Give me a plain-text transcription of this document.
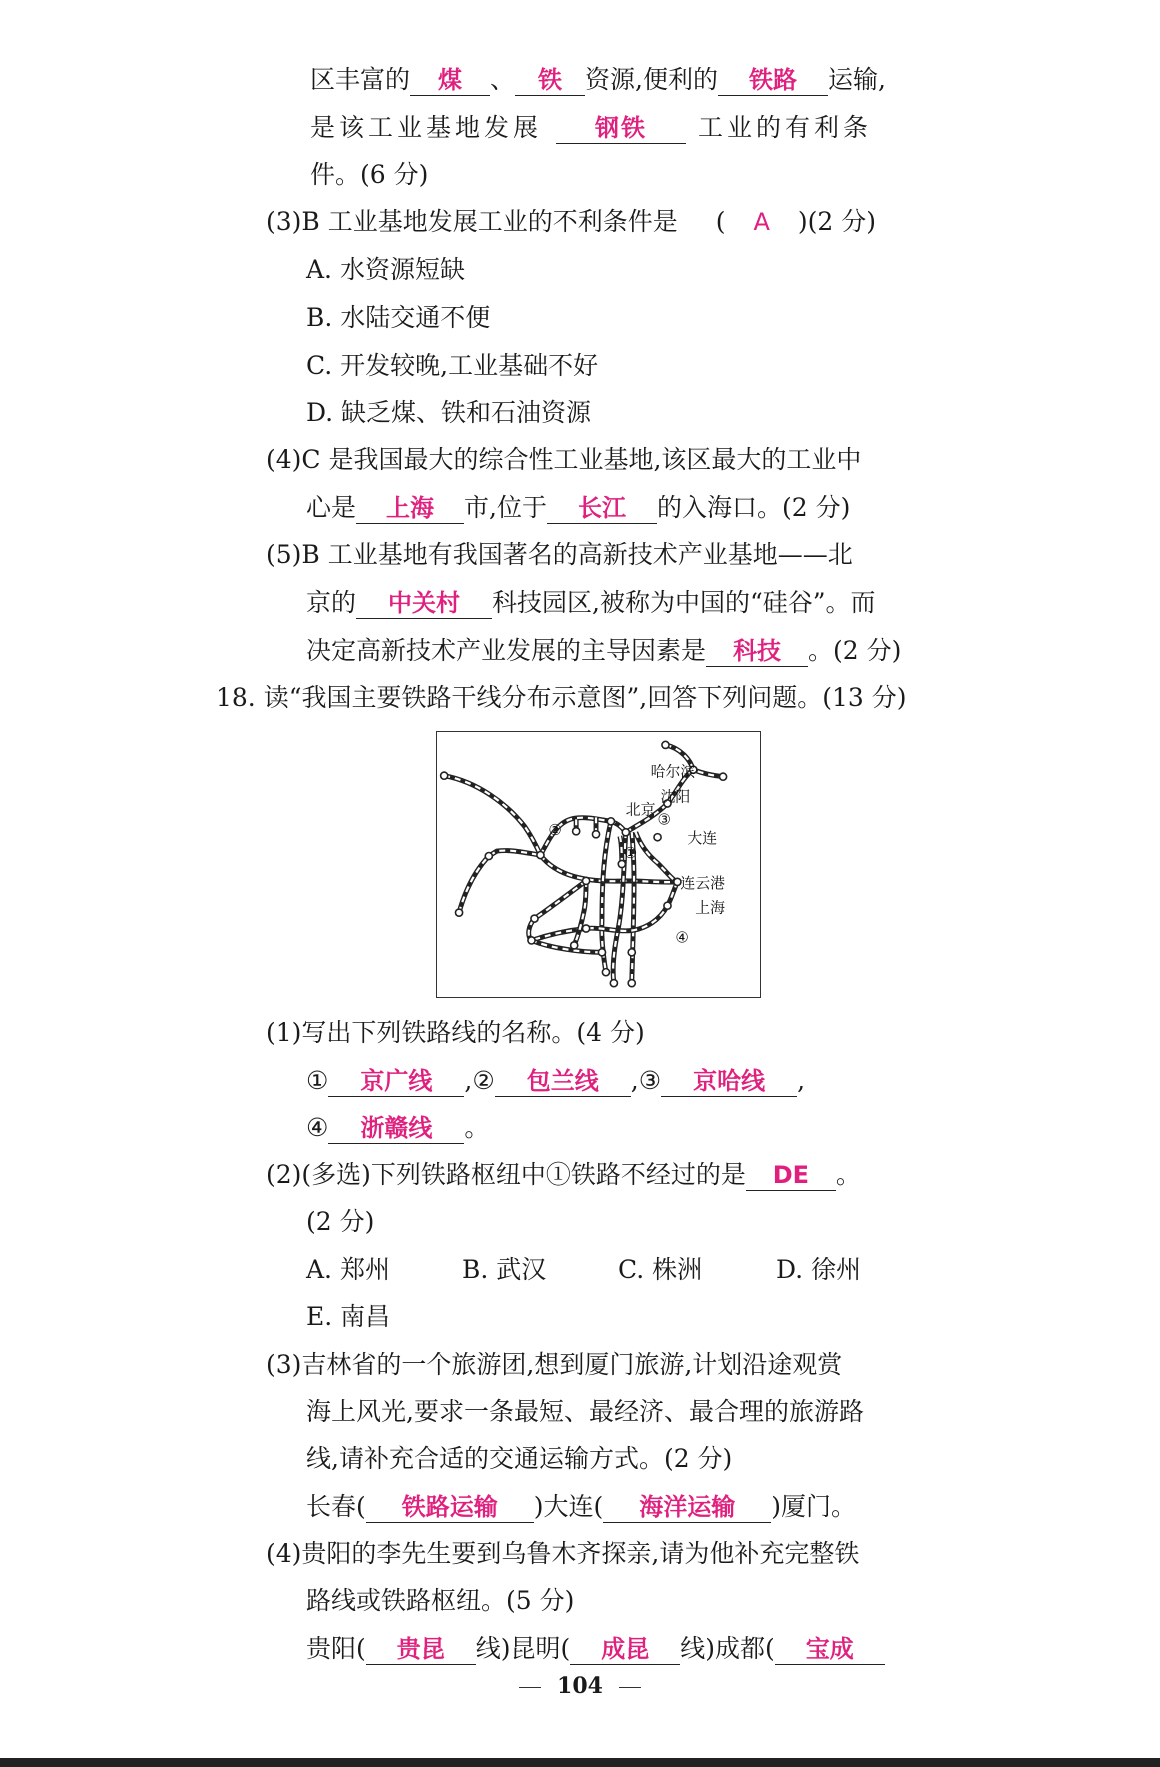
区丰富的 煤 、 铁 资源,便利的 铁路 运输,
是该工业基地发展 钢铁 工业的有利条
件。(6 分)
(3)B 工业基地发展工业的不利条件是 ( A )(2 分)
A. 水资源短缺
B. 水陆交通不便
C. 开发较晚,工业基础不好
D. 缺乏煤、铁和石油资源
(4)C 是我国最大的综合性工业基地,该区最大的工业中
心是 上海 市,位于 长江 的入海口。(2 分)
(5)B 工业基地有我国著名的高新技术产业基地——北
京的 中关村 科技园区,被称为中国的“硅谷”。而
决定高新技术产业发展的主导因素是 科技 。(2 分)
18. 读“我国主要铁路干线分布示意图”,回答下列问题。(13 分)
哈尔滨
沈阳
北京
③
大连
②
①
连云港
上海
④
(1)写出下列铁路线的名称。(4 分)
① 京广线 ,② 包兰线 ,③ 京哈线 ,
④ 浙赣线 。
(2)(多选)下列铁路枢纽中①铁路不经过的是 DE 。
(2 分)
A. 郑州	B. 武汉	C. 株洲	D. 徐州
E. 南昌
(3)吉林省的一个旅游团,想到厦门旅游,计划沿途观赏
海上风光,要求一条最短、最经济、最合理的旅游路
线,请补充合适的交通运输方式。(2 分)
长春( 铁路运输 )大连( 海洋运输 )厦门。
(4)贵阳的李先生要到乌鲁木齐探亲,请为他补充完整铁
路线或铁路枢纽。(5 分)
贵阳( 贵昆 线)昆明( 成昆 线)成都( 宝成
104
